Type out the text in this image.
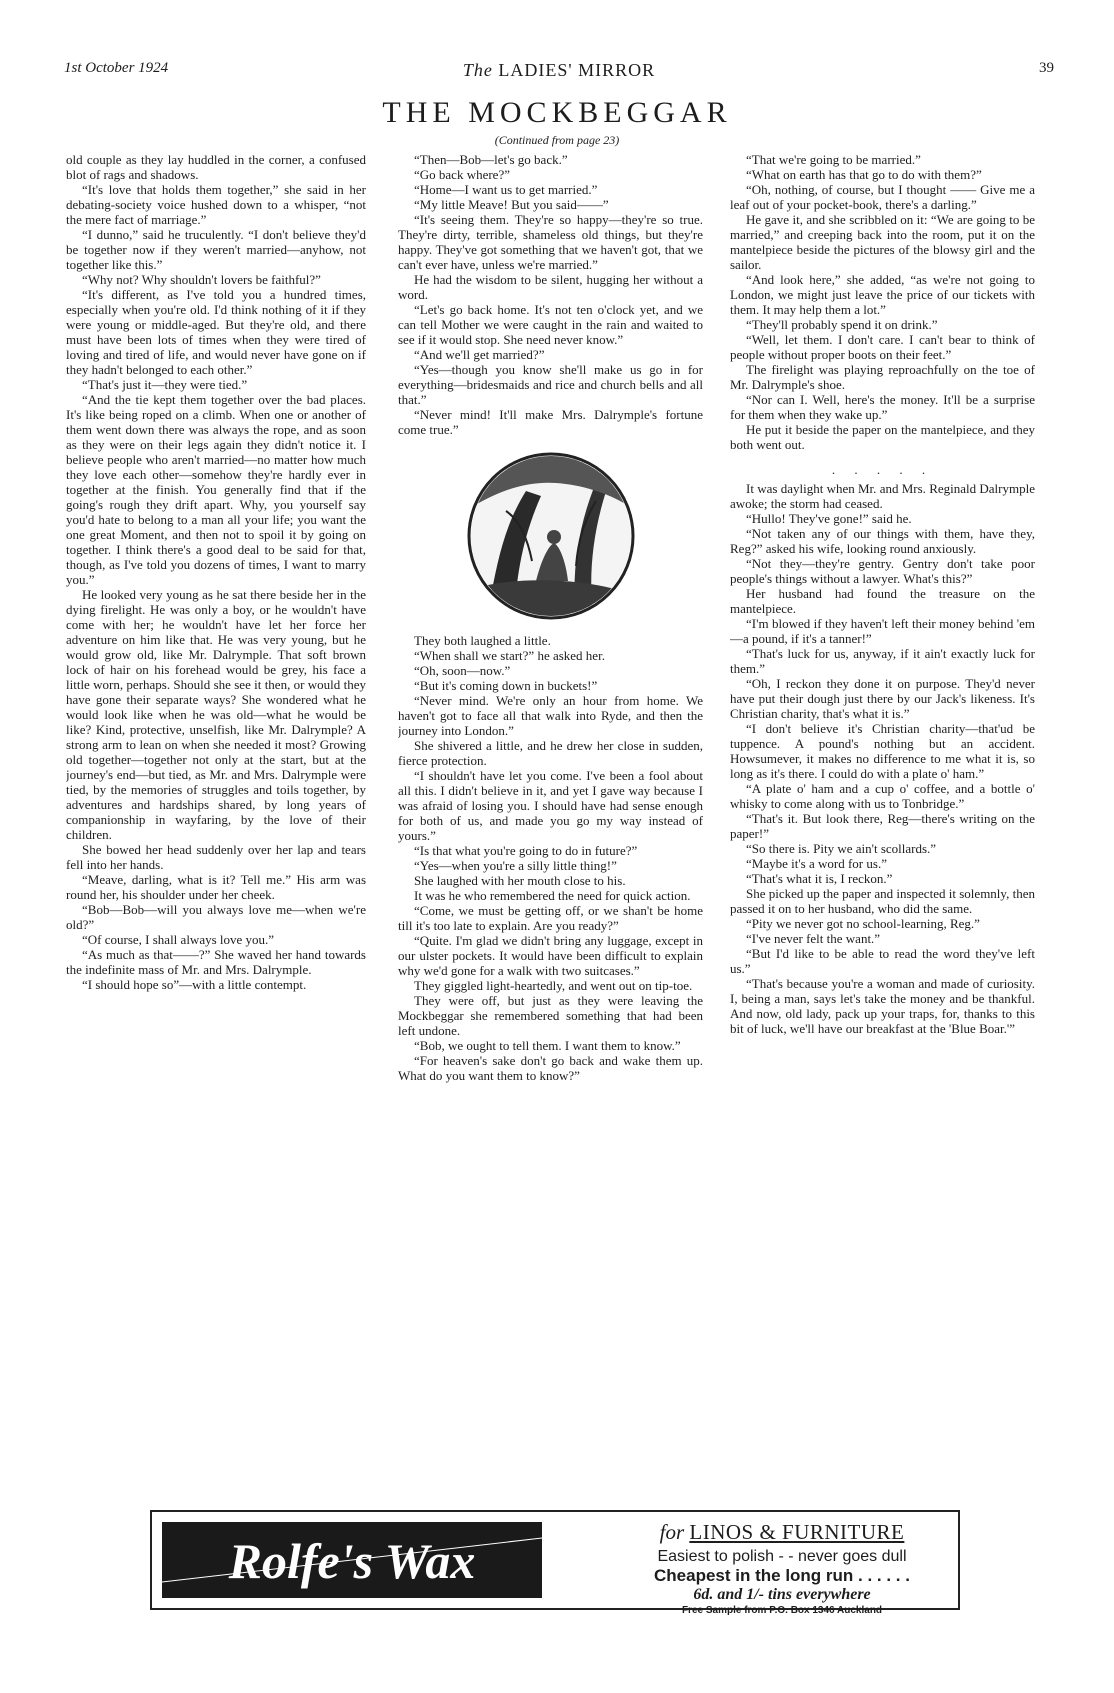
1st October 1924	The LADIES' MIRROR	39
THE MOCKBEGGAR
(Continued from page 23)

old couple as they lay huddled in the corner, a confused blot of rags and shadows.

“It's love that holds them together,” she said in her debating-society voice hushed down to a whisper, “not the mere fact of marriage.”

“I dunno,” said he truculently. “I don't believe they'd be together now if they weren't married—anyhow, not together like this.”

“Why not? Why shouldn't lovers be faithful?”

“It's different, as I've told you a hundred times, especially when you're old. I'd think nothing of it if they were young or middle-aged. But they're old, and there must have been lots of times when they were tired of loving and tired of life, and would never have gone on if they hadn't belonged to each other.”

“That's just it—they were tied.”

“And the tie kept them together over the bad places. It's like being roped on a climb. When one or another of them went down there was always the rope, and as soon as they were on their legs again they didn't notice it. I believe people who aren't married—no matter how much they love each other—somehow they're hardly ever in together at the finish. You generally find that if the going's rough they drift apart. Why, you yourself say you'd hate to belong to a man all your life; you want the one great Moment, and then not to spoil it by going on together. I think there's a good deal to be said for that, though, as I've told you dozens of times, I want to marry you.”

He looked very young as he sat there beside her in the dying firelight. He was only a boy, or he wouldn't have come with her; he wouldn't have let her force her adventure on him like that. He was very young, but he would grow old, like Mr. Dalrymple. That soft brown lock of hair on his forehead would be grey, his face a little worn, perhaps. Should she see it then, or would they have gone their separate ways? She wondered what he would look like when he was old—what he would be like? Kind, protective, unselfish, like Mr. Dalrymple? A strong arm to lean on when she needed it most? Growing old together—together not only at the start, but at the journey's end—but tied, as Mr. and Mrs. Dalrymple were tied, by the memories of struggles and toils together, by adventures and hardships shared, by long years of companionship in wayfaring, by the love of their children.

She bowed her head suddenly over her lap and tears fell into her hands.

“Meave, darling, what is it? Tell me.” His arm was round her, his shoulder under her cheek.

“Bob—Bob—will you always love me—when we're old?”

“Of course, I shall always love you.”

“As much as that——?” She waved her hand towards the indefinite mass of Mr. and Mrs. Dalrymple.

“I should hope so”—with a little contempt.

“Then—Bob—let's go back.”

“Go back where?”

“Home—I want us to get married.”

“My little Meave! But you said——”

“It's seeing them. They're so happy—they're so true. They're dirty, terrible, shameless old things, but they're happy. They've got something that we haven't got, that we can't ever have, unless we're married.”

He had the wisdom to be silent, hugging her without a word.

“Let's go back home. It's not ten o'clock yet, and we can tell Mother we were caught in the rain and waited to see if it would stop. She need never know.”

“And we'll get married?”

“Yes—though you know she'll make us go in for everything—bridesmaids and rice and church bells and all that.”

“Never mind! It'll make Mrs. Dalrymple's fortune come true.”

They both laughed a little.

“When shall we start?” he asked her.

“Oh, soon—now.”

“But it's coming down in buckets!”

“Never mind. We're only an hour from home. We haven't got to face all that walk into Ryde, and then the journey into London.”

She shivered a little, and he drew her close in sudden, fierce protection.

“I shouldn't have let you come. I've been a fool about all this. I didn't believe in it, and yet I gave way because I was afraid of losing you. I should have had sense enough for both of us, and made you go my way instead of yours.”

“Is that what you're going to do in future?”

“Yes—when you're a silly little thing!”

She laughed with her mouth close to his.

It was he who remembered the need for quick action.

“Come, we must be getting off, or we shan't be home till it's too late to explain. Are you ready?”

“Quite. I'm glad we didn't bring any luggage, except in our ulster pockets. It would have been difficult to explain why we'd gone for a walk with two suitcases.”

They giggled light-heartedly, and went out on tip-toe.

They were off, but just as they were leaving the Mockbeggar she remembered something that had been left undone.

“Bob, we ought to tell them. I want them to know.”

“For heaven's sake don't go back and wake them up. What do you want them to know?”

“That we're going to be married.”

“What on earth has that go to do with them?”

“Oh, nothing, of course, but I thought —— Give me a leaf out of your pocket-book, there's a darling.”

He gave it, and she scribbled on it: “We are going to be married,” and creeping back into the room, put it on the mantelpiece beside the pictures of the blowsy girl and the sailor.

“And look here,” she added, “as we're not going to London, we might just leave the price of our tickets with them. It may help them a lot.”

“They'll probably spend it on drink.”

“Well, let them. I don't care. I can't bear to think of people without proper boots on their feet.”

The firelight was playing reproachfully on the toe of Mr. Dalrymple's shoe.

“Nor can I. Well, here's the money. It'll be a surprise for them when they wake up.”

He put it beside the paper on the mantelpiece, and they both went out.

. . . . .

It was daylight when Mr. and Mrs. Reginald Dalrymple awoke; the storm had ceased.

“Hullo! They've gone!” said he.

“Not taken any of our things with them, have they, Reg?” asked his wife, looking round anxiously.

“Not they—they're gentry. Gentry don't take poor people's things without a lawyer. What's this?”

Her husband had found the treasure on the mantelpiece.

“I'm blowed if they haven't left their money behind 'em—a pound, if it's a tanner!”

“That's luck for us, anyway, if it ain't exactly luck for them.”

“Oh, I reckon they done it on purpose. They'd never have put their dough just there by our Jack's likeness. It's Christian charity, that's what it is.”

“I don't believe it's Christian charity—that'ud be tuppence. A pound's nothing but an accident. Howsumever, it makes no difference to me what it is, so long as it's there. I could do with a plate o' ham.”

“A plate o' ham and a cup o' coffee, and a bottle o' whisky to come along with us to Tonbridge.”

“That's it. But look there, Reg—there's writing on the paper!”

“So there is. Pity we ain't scollards.”

“Maybe it's a word for us.”

“That's what it is, I reckon.”

She picked up the paper and inspected it solemnly, then passed it on to her husband, who did the same.

“Pity we never got no school-learning, Reg.”

“I've never felt the want.”

“But I'd like to be able to read the word they've left us.”

“That's because you're a woman and made of curiosity. I, being a man, says let's take the money and be thankful. And now, old lady, pack up your traps, for, thanks to this bit of luck, we'll have our breakfast at the 'Blue Boar.'”

Rolfe's Wax
for LINOS & FURNITURE
Easiest to polish - - never goes dull
Cheapest in the long run . . . . . .
6d. and 1/- tins everywhere
Free Sample from P.O. Box 1346 Auckland
